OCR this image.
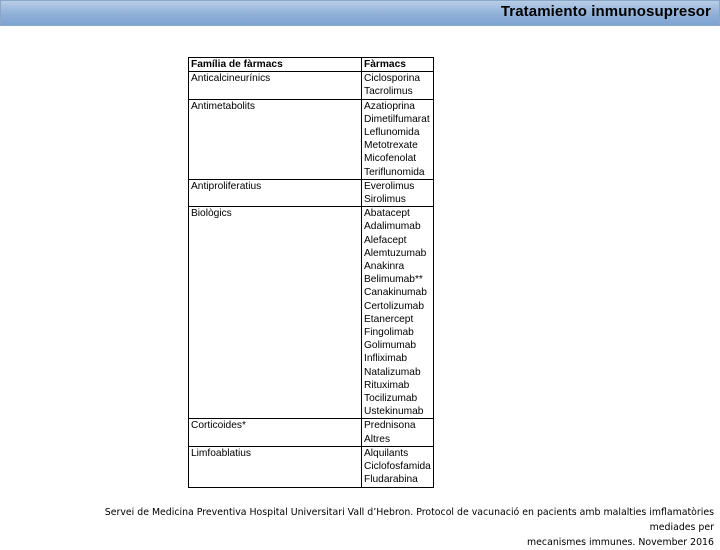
Tratamiento inmunosupresor
Família de fàrmacs	Fàrmacs
Anticalcineurínics	Ciclosporina
	Tacrolimus
Antimetabolits	Azatioprina
	Dimetilfumarat
	Leflunomida
	Metotrexate
	Micofenolat
	Teriflunomida
Antiproliferatius	Everolimus
	Sirolimus
Biològics	Abatacept
	Adalimumab
	Alefacept
	Alemtuzumab
	Anakinra
	Belimumab**
	Canakinumab
	Certolizumab
	Etanercept
	Fingolimab
	Golimumab
	Infliximab
	Natalizumab
	Rituximab
	Tocilizumab
	Ustekinumab
Corticoides*	Prednisona
	Altres
Limfoablatius	Alquilants
	Ciclofosfamida
	Fludarabina
Servei de Medicina Preventiva Hospital Universitari Vall d’Hebron. Protocol de vacunació en pacients amb malalties imflamatòries mediades per
mecanismes immunes. November 2016
